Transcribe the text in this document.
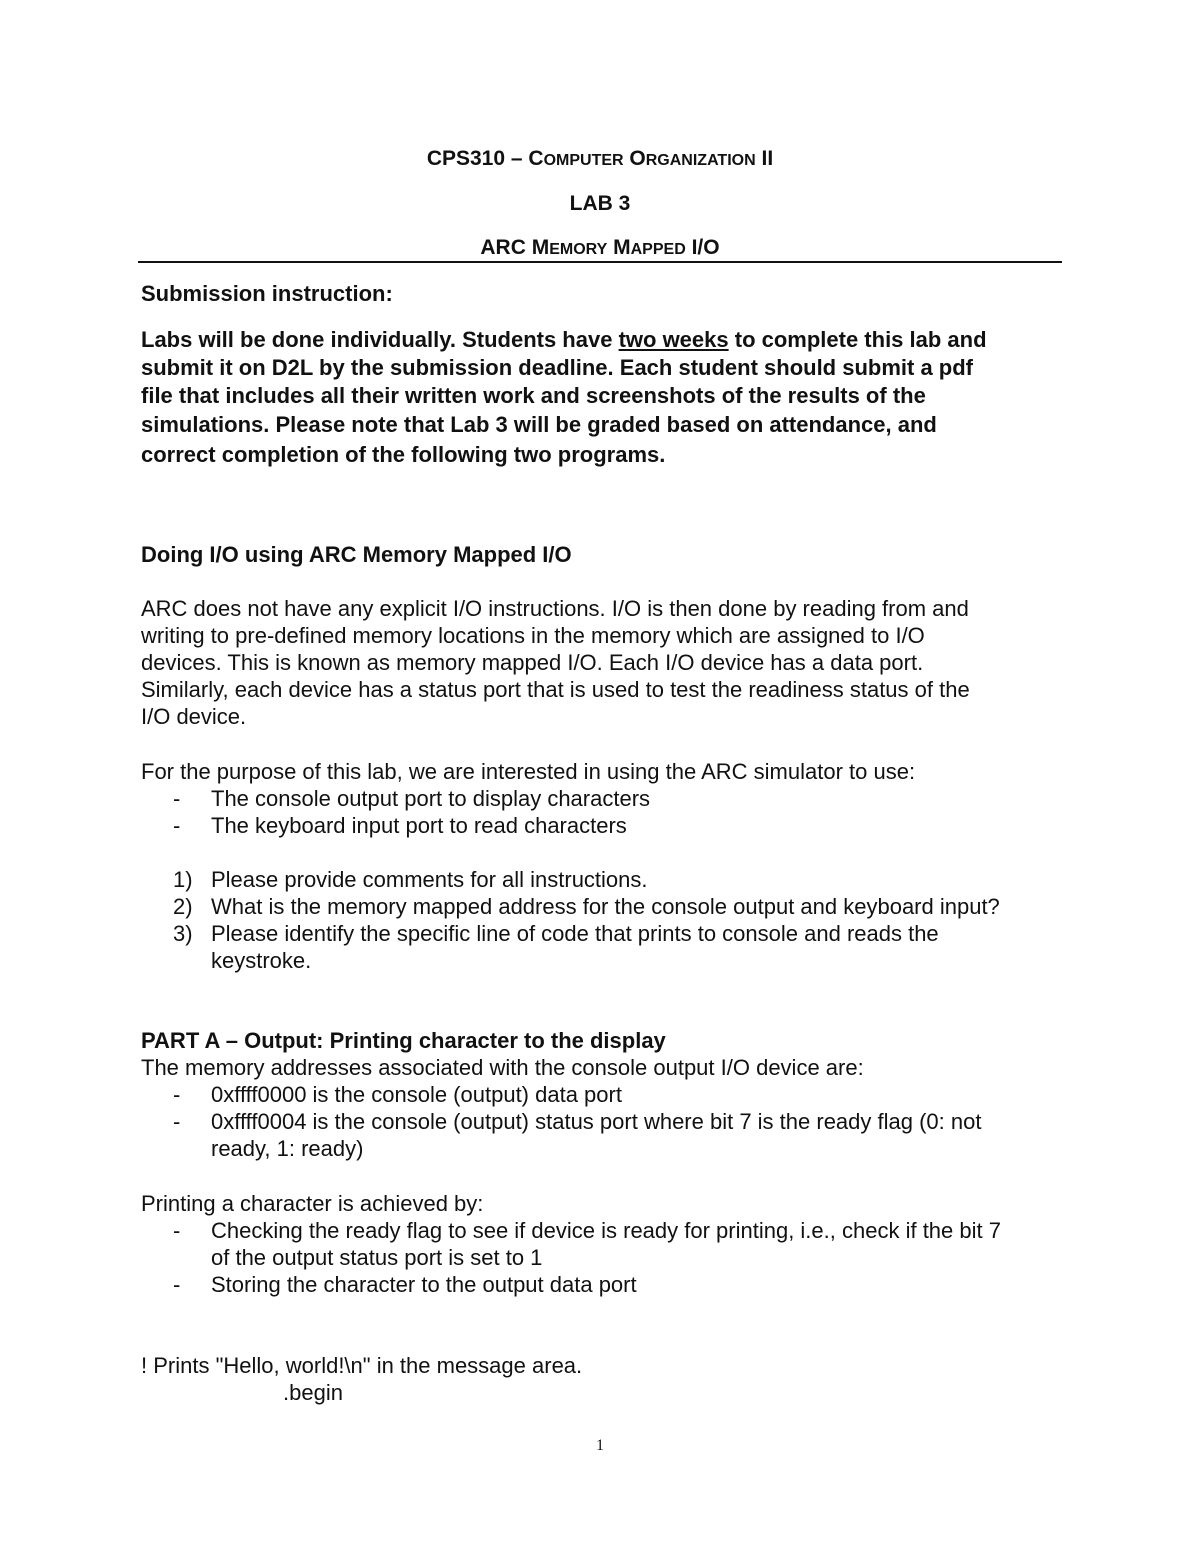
CPS310 – COMPUTER ORGANIZATION II
LAB 3
ARC MEMORY MAPPED I/O
Submission instruction:
Labs will be done individually. Students have two weeks to complete this lab and
submit it on D2L by the submission deadline. Each student should submit a pdf
file that includes all their written work and screenshots of the results of the
simulations. Please note that Lab 3 will be graded based on attendance, and
correct completion of the following two programs.
Doing I/O using ARC Memory Mapped I/O
ARC does not have any explicit I/O instructions. I/O is then done by reading from and
writing to pre-defined memory locations in the memory which are assigned to I/O
devices. This is known as memory mapped I/O. Each I/O device has a data port.
Similarly, each device has a status port that is used to test the readiness status of the
I/O device.
For the purpose of this lab, we are interested in using the ARC simulator to use:
- The console output port to display characters
- The keyboard input port to read characters
1) Please provide comments for all instructions.
2) What is the memory mapped address for the console output and keyboard input?
3) Please identify the specific line of code that prints to console and reads the
keystroke.
PART A – Output: Printing character to the display
The memory addresses associated with the console output I/O device are:
- 0xffff0000 is the console (output) data port
- 0xffff0004 is the console (output) status port where bit 7 is the ready flag (0: not
ready, 1: ready)
Printing a character is achieved by:
- Checking the ready flag to see if device is ready for printing, i.e., check if the bit 7
of the output status port is set to 1
- Storing the character to the output data port
! Prints "Hello, world!\n" in the message area.
.begin
1
